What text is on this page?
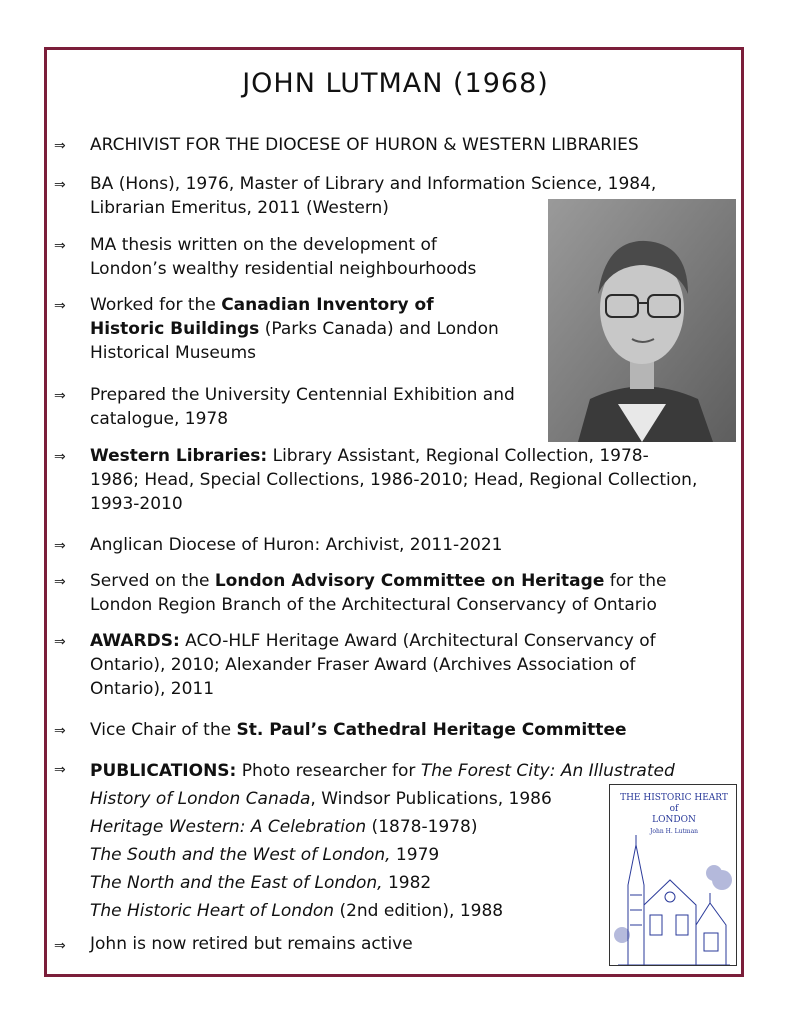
JOHN LUTMAN (1968)
⇒ ARCHIVIST FOR THE DIOCESE OF HURON & WESTERN LIBRARIES
⇒ BA (Hons), 1976, Master of Library and Information Science, 1984,
Librarian Emeritus, 2011 (Western)
⇒ MA thesis written on the development of
London’s wealthy residential neighbourhoods
⇒ Worked for the Canadian Inventory of
Historic Buildings (Parks Canada) and London
Historical Museums
⇒ Prepared the University Centennial Exhibition and
catalogue, 1978
⇒ Western Libraries: Library Assistant, Regional Collection, 1978-
1986; Head, Special Collections, 1986-2010; Head, Regional Collection,
1993-2010
⇒ Anglican Diocese of Huron: Archivist, 2011-2021
⇒ Served on the London Advisory Committee on Heritage for the
London Region Branch of the Architectural Conservancy of Ontario
⇒ AWARDS: ACO-HLF Heritage Award (Architectural Conservancy of
Ontario), 2010; Alexander Fraser Award (Archives Association of
Ontario), 2011
⇒ Vice Chair of the St. Paul’s Cathedral Heritage Committee
⇒ PUBLICATIONS: Photo researcher for The Forest City: An Illustrated
History of London Canada, Windsor Publications, 1986
Heritage Western: A Celebration (1878-1978)
The South and the West of London, 1979
The North and the East of London, 1982
The Historic Heart of London (2nd edition), 1988
⇒ John is now retired but remains active
THE HISTORIC HEART
of
LONDON
John H. Lutman
